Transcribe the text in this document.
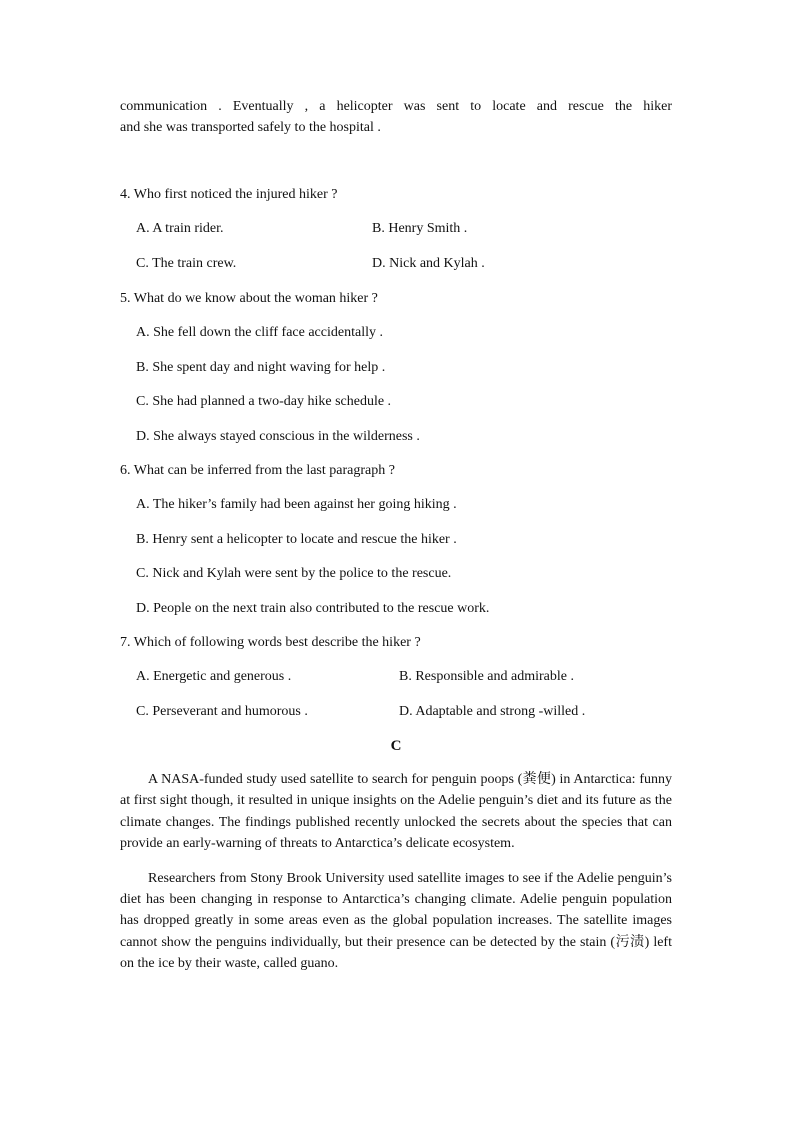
communication . Eventually , a helicopter was sent to locate and rescue the hiker

and she was transported safely to the hospital .

4. Who first noticed the injured hiker ?

A. A train rider.	B. Henry Smith .
C. The train crew.	D. Nick and Kylah .

5. What do we know about the woman hiker ?

A. She fell down the cliff face accidentally .
B. She spent day and night waving for help .
C. She had planned a two-day hike schedule .
D. She always stayed conscious in the wilderness .

6. What can be inferred from the last paragraph ?

A. The hiker’s family had been against her going hiking .
B. Henry sent a helicopter to locate and rescue the hiker .
C. Nick and Kylah were sent by the police to the rescue.
D. People on the next train also contributed to the rescue work.

7. Which of following words best describe the hiker ?

A. Energetic and generous .	B. Responsible and admirable .
C. Perseverant and humorous .	D. Adaptable and strong -willed .
C

A NASA-funded study used satellite to search for penguin poops (粪便) in Antarctica: funny at first sight though, it resulted in unique insights on the Adelie penguin’s diet and its future as the climate changes. The findings published recently unlocked the secrets about the species that can provide an early-warning of threats to Antarctica’s delicate ecosystem.

Researchers from Stony Brook University used satellite images to see if the Adelie penguin’s diet has been changing in response to Antarctica’s changing climate. Adelie penguin population has dropped greatly in some areas even as the global population increases. The satellite images cannot show the penguins individually, but their presence can be detected by the stain (污渍) left on the ice by their waste, called guano.
